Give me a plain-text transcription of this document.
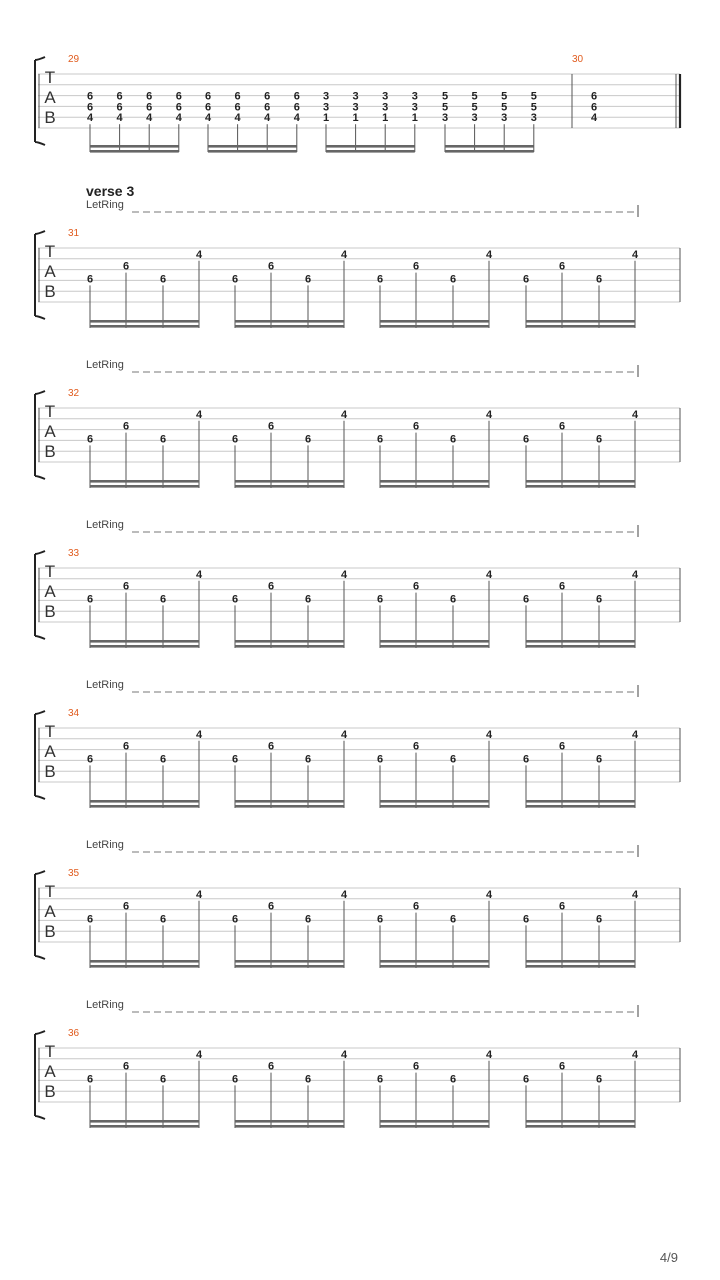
T
A
B
29	30
6
6
4
6
6
4
6
6
4
6
6
4
6
6
4
6
6
4
6
6
4
6
6
4
3
3
1
3
3
1
3
3
1
3
3
1
5
5
3
5
5
3
5
5
3
5
5
3
6
6
4
verse 3
LetRing
T
A
B
31
6
6
6
4
6
6
6
4
6
6
6
4
6
6
6
4
LetRing
T
A
B
32
6
6
6
4
6
6
6
4
6
6
6
4
6
6
6
4
LetRing
T
A
B
33
6
6
6
4
6
6
6
4
6
6
6
4
6
6
6
4
LetRing
T
A
B
34
6
6
6
4
6
6
6
4
6
6
6
4
6
6
6
4
LetRing
T
A
B
35
6
6
6
4
6
6
6
4
6
6
6
4
6
6
6
4
LetRing
T
A
B
36
6
6
6
4
6
6
6
4
6
6
6
4
6
6
6
4
4/9
